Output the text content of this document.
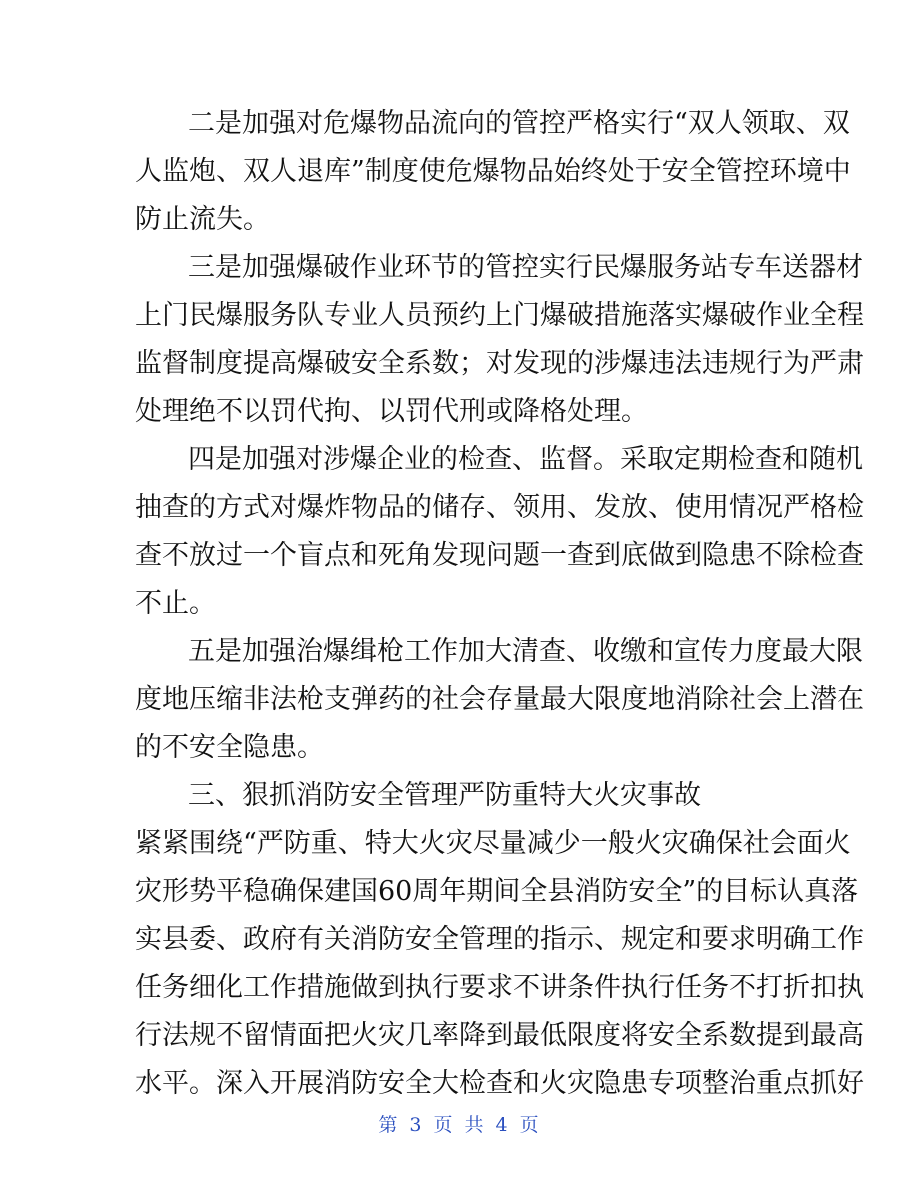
二是加强对危爆物品流向的管控严格实行“双人领取、双
人监炮、双人退库”制度使危爆物品始终处于安全管控环境中
防止流失。
三是加强爆破作业环节的管控实行民爆服务站专车送器材
上门民爆服务队专业人员预约上门爆破措施落实爆破作业全程
监督制度提高爆破安全系数；对发现的涉爆违法违规行为严肃
处理绝不以罚代拘、以罚代刑或降格处理。
四是加强对涉爆企业的检查、监督。采取定期检查和随机
抽查的方式对爆炸物品的储存、领用、发放、使用情况严格检
查不放过一个盲点和死角发现问题一查到底做到隐患不除检查
不止。
五是加强治爆缉枪工作加大清查、收缴和宣传力度最大限
度地压缩非法枪支弹药的社会存量最大限度地消除社会上潜在
的不安全隐患。
三、狠抓消防安全管理严防重特大火灾事故
紧紧围绕“严防重、特大火灾尽量减少一般火灾确保社会面火
灾形势平稳确保建国60周年期间全县消防安全”的目标认真落
实县委、政府有关消防安全管理的指示、规定和要求明确工作
任务细化工作措施做到执行要求不讲条件执行任务不打折扣执
行法规不留情面把火灾几率降到最低限度将安全系数提到最高
水平。深入开展消防安全大检查和火灾隐患专项整治重点抓好
第 3 页 共 4 页
